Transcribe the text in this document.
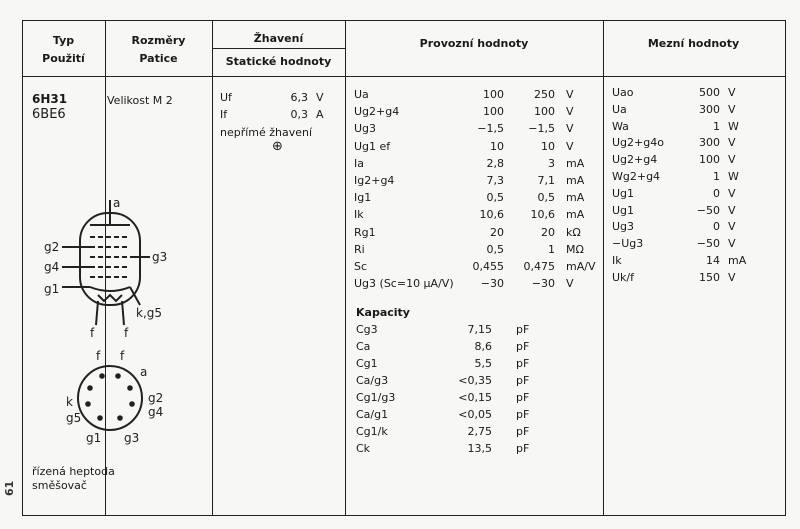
Typ
Použití
Rozměry
Patice
Žhavení
Statické hodnoty
Provozní hodnoty	Mezní hodnoty
6H31
6BE6
Velikost M 2
řízená heptoda
směšovač
a
g2
g4
g3
g1
k,g5
f f
f f
a
k
g5
g2
g4
g1 g3
Uf	6,3 V
If	0,3 A
nepřímé žhavení
⊕
Ua	100	250 V
Ug2+g4	100	100 V
Ug3	−1,5	−1,5 V
Ug1 ef	10	10 V
Ia	2,8	3 mA
Ig2+g4	7,3	7,1 mA
Ig1	0,5	0,5 mA
Ik	10,6	10,6 mA
Rg1	20	20 kΩ
Ri	0,5	1 MΩ
Sc	0,455	0,475 mA/V
Ug3 (Sc=10 μA/V)	−30	−30 V
Kapacity
Cg3	7,15 pF
Ca	8,6 pF
Cg1	5,5 pF
Ca/g3	<0,35 pF
Cg1/g3	<0,15 pF
Ca/g1	<0,05 pF
Cg1/k	2,75 pF
Ck	13,5 pF
Uao	500 V
Ua	300 V
Wa	1 W
Ug2+g4o	300 V
Ug2+g4	100 V
Wg2+g4	1 W
Ug1	0 V
Ug1	−50 V
Ug3	0 V
−Ug3	−50 V
Ik	14 mA
Uk/f	150 V
61
